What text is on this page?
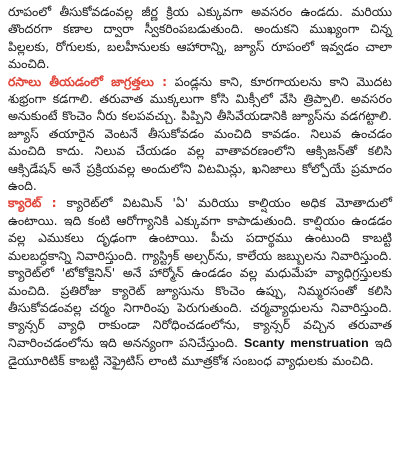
రూపంలో తీసుకోవడంవల్ల జీర్ణ క్రియ ఎక్కువగా అవసరం ఉండదు. మరియు తొందరగా కణాల ద్వారా స్వీకరింపబడుతుంది. అందుకని ముఖ్యంగా చిన్న పిల్లలకు, రోగులకు, బలహీనులకు ఆహారాన్ని, జ్యూస్ రూపంలో ఇవ్వడం చాలా మంచిది.

రసాలు తీయడంలో జాగ్రత్తలు : పండ్లను కాని, కూరగాయలను కాని మొదట శుభ్రంగా కడగాలి. తరువాత ముక్కలుగా కోసి మిక్సీలో వేసి త్రిప్పాలి. అవసరం అనుకుంటే కొంచెం నీరు కలపవచ్చు. పిప్పిని తీసివేయడానికి జ్యూస్‌ను వడగట్టాలి. జ్యూస్ తయారైన వెంటనే తీసుకోవడం మంచిది కావడం. నిలువ ఉంచడం మంచిది కాదు. నిలువ చేయడం వల్ల వాతావరణంలోని ఆక్సిజన్‌తో కలిసి ఆక్సిడేషన్ అనే ప్రక్రియవల్ల అందులోని విటమిన్లు, ఖనిజాలు కోల్పోయే ప్రమాదం ఉంది.

క్యారెట్ : క్యారెట్‌లో విటమిన్ 'ఏ' మరియు కాల్షియం అధిక మోతాదులో ఉంటాయి. ఇది కంటి ఆరోగ్యానికి ఎక్కువగా కాపాడుతుంది. కాల్షియం ఉండడం వల్ల ఎముకలు దృఢంగా ఉంటాయి. పీచు పదార్థము ఉంటుంది కాబట్టి మలబద్ధకాన్ని నివారిస్తుంది. గ్యాస్ట్రిక్ అల్సర్‌ను, కాలేయ జబ్బులను నివారిస్తుంది. క్యారెట్‌లో 'టోకోకైనిన్' అనే హార్మోన్ ఉండడం వల్ల మధుమేహ వ్యాధిగ్రస్తులకు మంచిది. ప్రతిరోజు క్యారెట్ జ్యూసును కొంచెం ఉప్పు, నిమ్మరసంతో కలిసి తీసుకోవడంవల్ల చర్మం నిగారింపు పెరుగుతుంది. చర్మవ్యాధులను నివారిస్తుంది. క్యాన్సర్ వ్యాధి రాకుండా నిరోధించడంలోను, క్యాన్సర్ వచ్చిన తరువాత నివారించడంలోను ఇది అనన్యంగా పనిచేస్తుంది. Scanty menstruation ఇది డైయూరిటిక్ కాబట్టి నెఫ్రైటిస్ లాంటి మూత్రకోశ సంబంధ వ్యాధులకు మంచిది.
